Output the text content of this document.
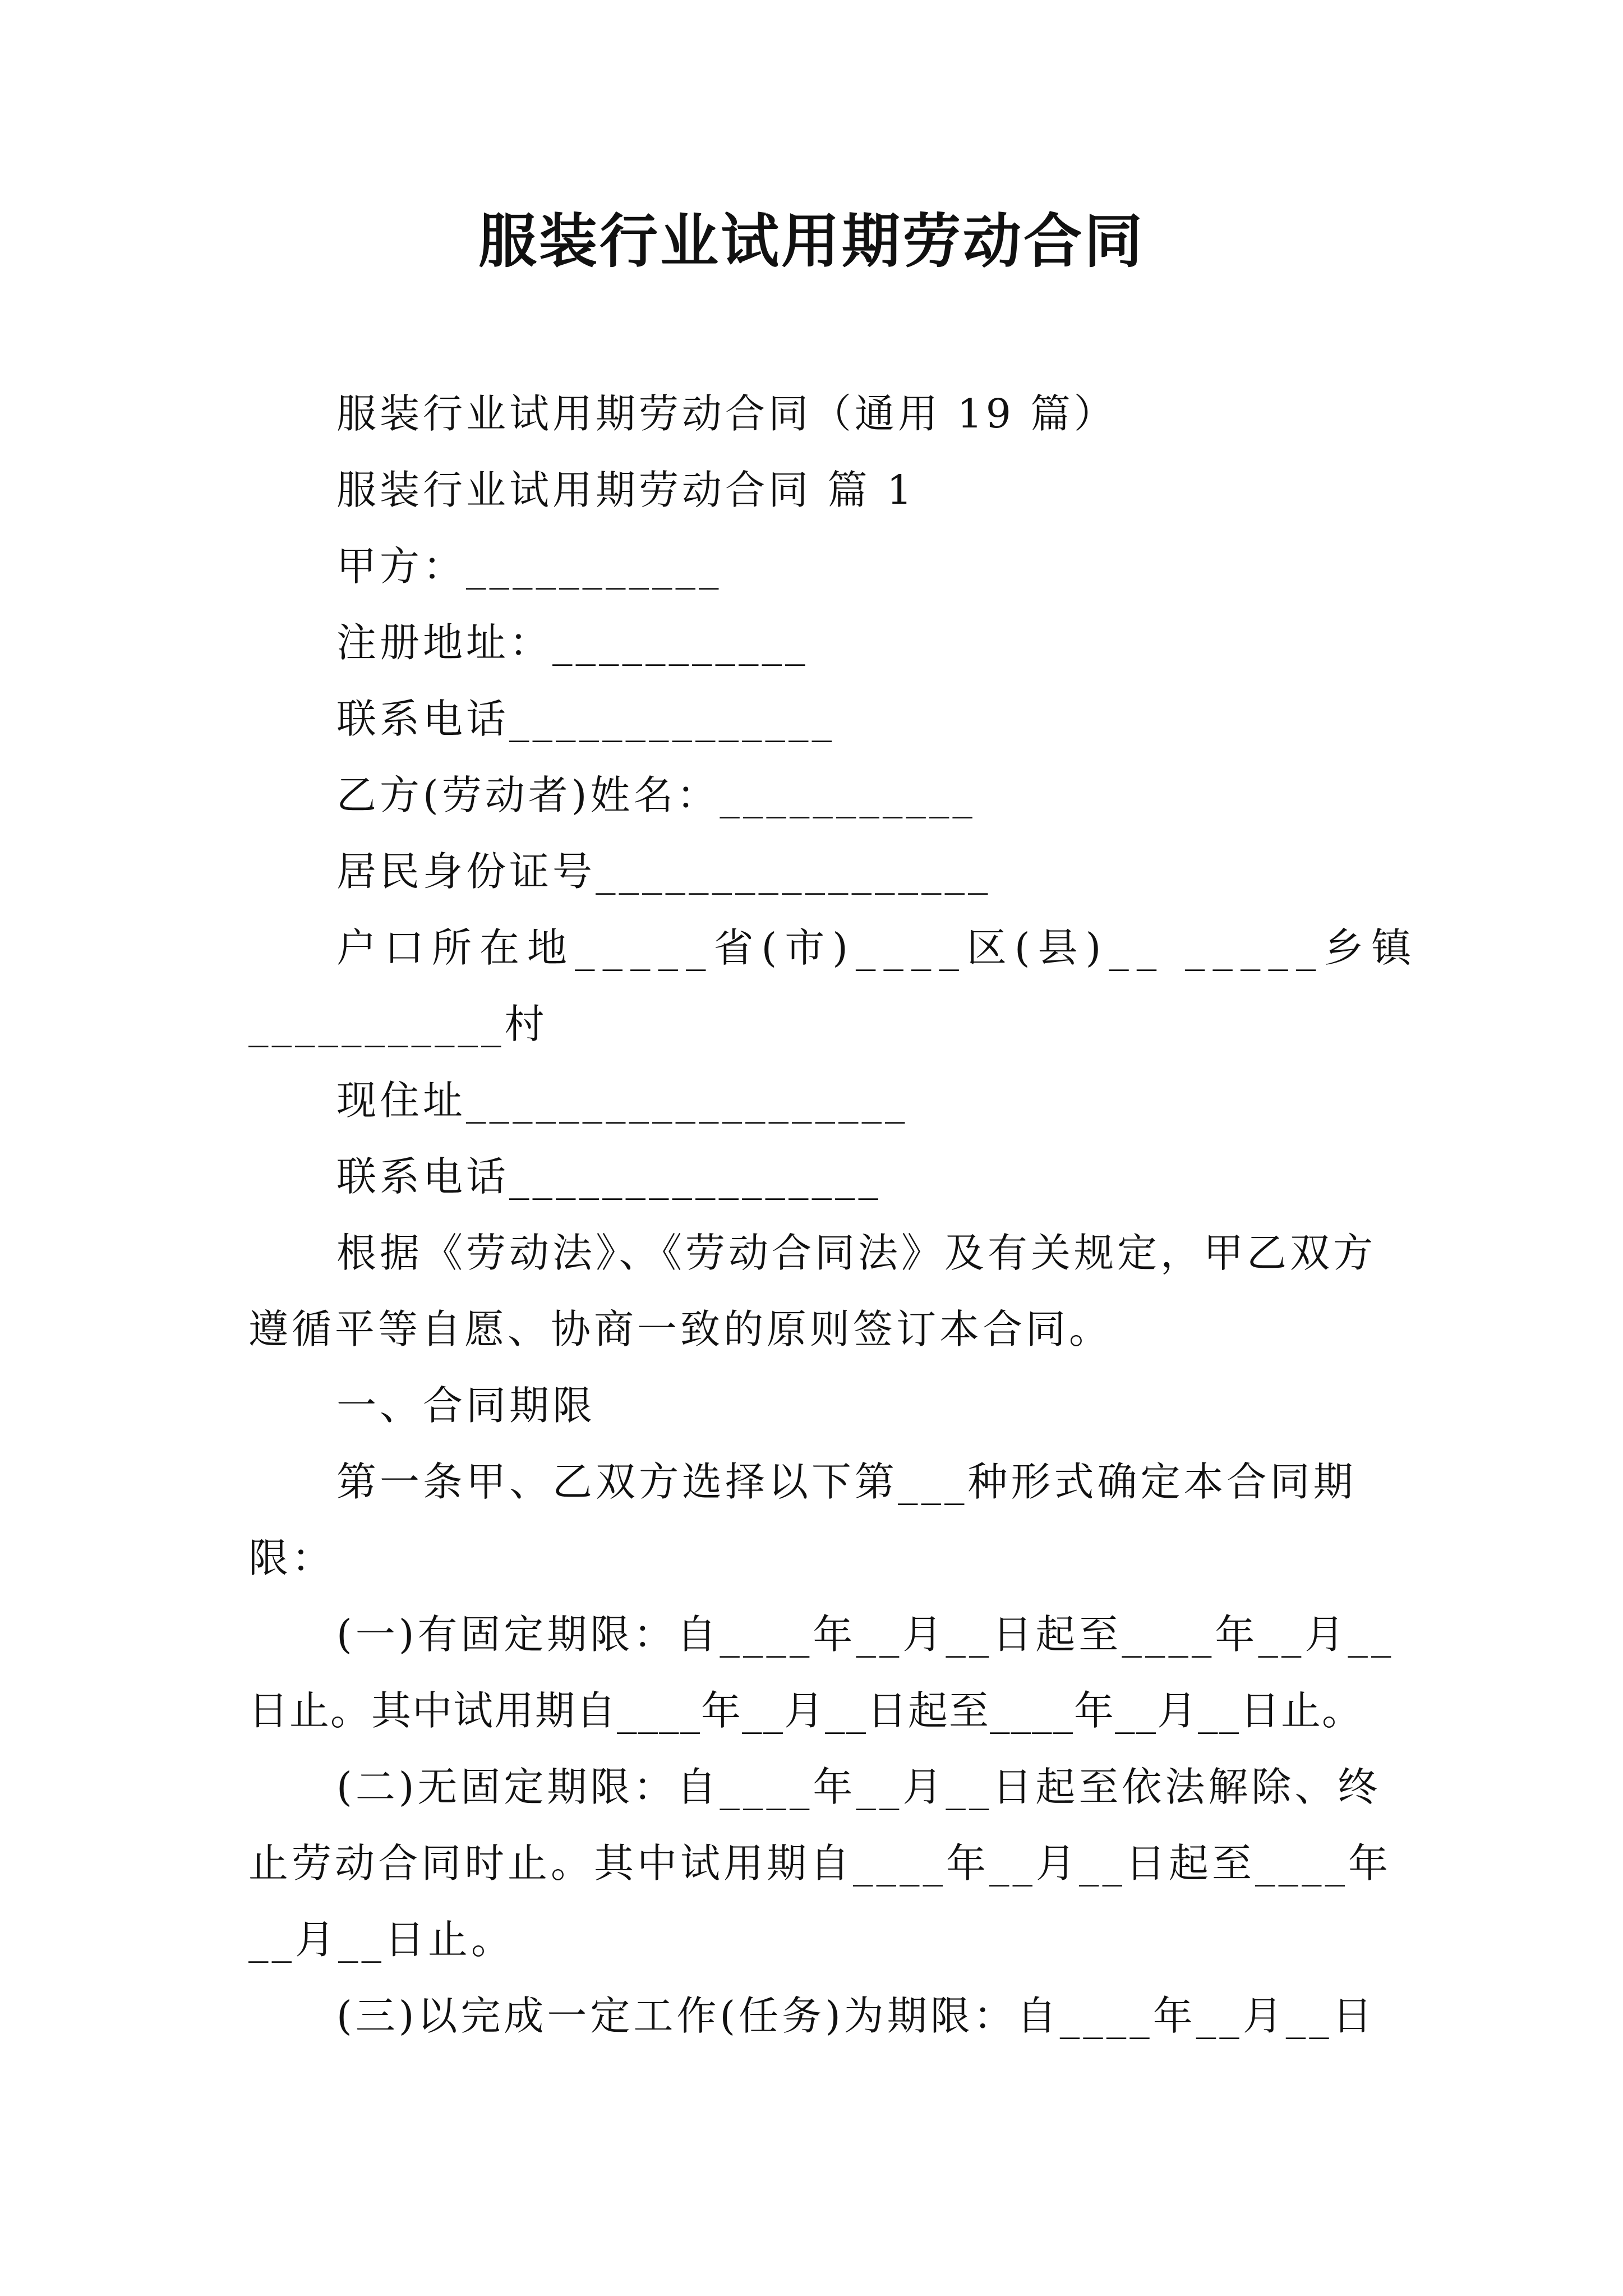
服装行业试用期劳动合同
服装行业试用期劳动合同（通用 19 篇）
服装行业试用期劳动合同 篇 1
甲方：___________
注册地址：___________
联系电话______________
乙方(劳动者)姓名：___________
居民身份证号_________________
户口所在地_____省(市)____区(县)__ _____乡镇
___________村
现住址___________________
联系电话________________
根据《劳动法》、《劳动合同法》及有关规定，甲乙双方
遵循平等自愿、协商一致的原则签订本合同。
一、合同期限
第一条甲、乙双方选择以下第___种形式确定本合同期
限：
(一)有固定期限：自____年__月__日起至____年__月__
日止。其中试用期自____年__月__日起至____年__月__日止。
(二)无固定期限：自____年__月__日起至依法解除、终
止劳动合同时止。其中试用期自____年__月__日起至____年
__月__日止。
(三)以完成一定工作(任务)为期限：自____年__月__日
